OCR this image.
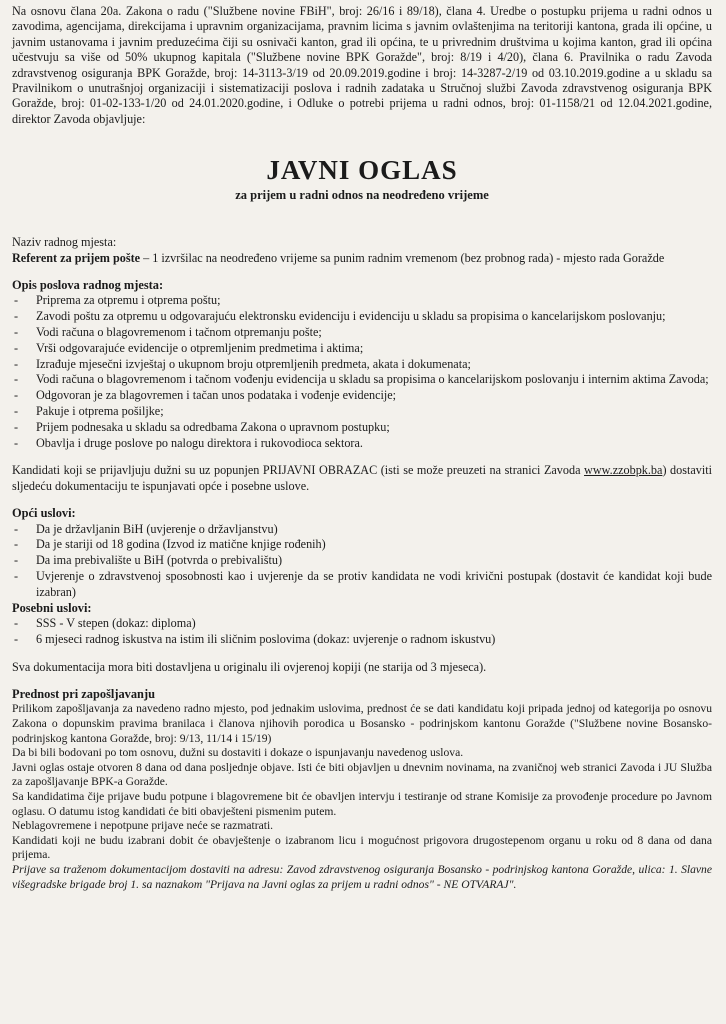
Na osnovu člana 20a. Zakona o radu ("Službene novine FBiH", broj: 26/16 i 89/18), člana 4. Uredbe o postupku prijema u radni odnos u zavodima, agencijama, direkcijama i upravnim organizacijama, pravnim licima s javnim ovlaštenjima na teritoriji kantona, grada ili općine, u javnim ustanovama i javnim preduzećima čiji su osnivači kanton, grad ili općina, te u privrednim društvima u kojima kanton, grad ili općina učestvuju sa više od 50% ukupnog kapitala ("Službene novine BPK Goražde", broj: 8/19 i 4/20), člana 6. Pravilnika o radu Zavoda zdravstvenog osiguranja BPK Goražde, broj: 14-3113-3/19 od 20.09.2019.godine i broj: 14-3287-2/19 od 03.10.2019.godine a u skladu sa Pravilnikom o unutrašnjoj organizaciji i sistematizaciji poslova i radnih zadataka u Stručnoj službi Zavoda zdravstvenog osiguranja BPK Goražde, broj: 01-02-133-1/20 od 24.01.2020.godine, i Odluke o potrebi prijema u radni odnos, broj: 01-1158/21 od 12.04.2021.godine, direktor Zavoda objavljuje:

JAVNI OGLAS
za prijem u radni odnos na neodređeno vrijeme

Naziv radnog mjesta:

Referent za prijem pošte – 1 izvršilac na neodređeno vrijeme sa punim radnim vremenom (bez probnog rada) - mjesto rada Goražde

Opis poslova radnog mjesta:
- Priprema za otpremu i otprema poštu;
- Zavodi poštu za otpremu u odgovarajuću elektronsku evidenciju i evidenciju u skladu sa propisima o kancelarijskom poslovanju;
- Vodi računa o blagovremenom i tačnom otpremanju pošte;
- Vrši odgovarajuće evidencije o otpremljenim predmetima i aktima;
- Izrađuje mjesečni izvještaj o ukupnom broju otpremljenih predmeta, akata i dokumenata;
- Vodi računa o blagovremenom i tačnom vođenju evidencija u skladu sa propisima o kancelarijskom poslovanju i internim aktima Zavoda;
- Odgovoran je za blagovremen i tačan unos podataka i vođenje evidencije;
- Pakuje i otprema pošiljke;
- Prijem podnesaka u skladu sa odredbama Zakona o upravnom postupku;
- Obavlja i druge poslove po nalogu direktora i rukovodioca sektora.

Kandidati koji se prijavljuju dužni su uz popunjen PRIJAVNI OBRAZAC (isti se može preuzeti na stranici Zavoda www.zzobpk.ba) dostaviti sljedeću dokumentaciju te ispunjavati opće i posebne uslove.

Opći uslovi:
- Da je državljanin BiH (uvjerenje o državljanstvu)
- Da je stariji od 18 godina (Izvod iz matične knjige rođenih)
- Da ima prebivalište u BiH (potvrda o prebivalištu)
- Uvjerenje o zdravstvenoj sposobnosti kao i uvjerenje da se protiv kandidata ne vodi krivični postupak (dostavit će kandidat koji bude izabran)
Posebni uslovi:
- SSS - V stepen (dokaz: diploma)
- 6 mjeseci radnog iskustva na istim ili sličnim poslovima (dokaz: uvjerenje o radnom iskustvu)

Sva dokumentacija mora biti dostavljena u originalu ili ovjerenoj kopiji (ne starija od 3 mjeseca).

Prednost pri zapošljavanju

Prilikom zapošljavanja za navedeno radno mjesto, pod jednakim uslovima, prednost će se dati kandidatu koji pripada jednoj od kategorija po osnovu Zakona o dopunskim pravima branilaca i članova njihovih porodica u Bosansko - podrinjskom kantonu Goražde ("Službene novine Bosansko-podrinjskog kantona Goražde, broj: 9/13, 11/14 i 15/19)

Da bi bili bodovani po tom osnovu, dužni su dostaviti i dokaze o ispunjavanju navedenog uslova.

Javni oglas ostaje otvoren 8 dana od dana posljednje objave. Isti će biti objavljen u dnevnim novinama, na zvaničnoj web stranici Zavoda i JU Služba za zapošljavanje BPK-a Goražde.

Sa kandidatima čije prijave budu potpune i blagovremene bit će obavljen intervju i testiranje od strane Komisije za provođenje procedure po Javnom oglasu. O datumu istog kandidati će biti obavješteni pismenim putem.

Neblagovremene i nepotpune prijave neće se razmatrati.

Kandidati koji ne budu izabrani dobit će obavještenje o izabranom licu i mogućnost prigovora drugostepenom organu u roku od 8 dana od dana prijema.

Prijave sa traženom dokumentacijom dostaviti na adresu: Zavod zdravstvenog osiguranja Bosansko - podrinjskog kantona Goražde, ulica: 1. Slavne višegradske brigade broj 1. sa naznakom "Prijava na Javni oglas za prijem u radni odnos" - NE OTVARAJ".
